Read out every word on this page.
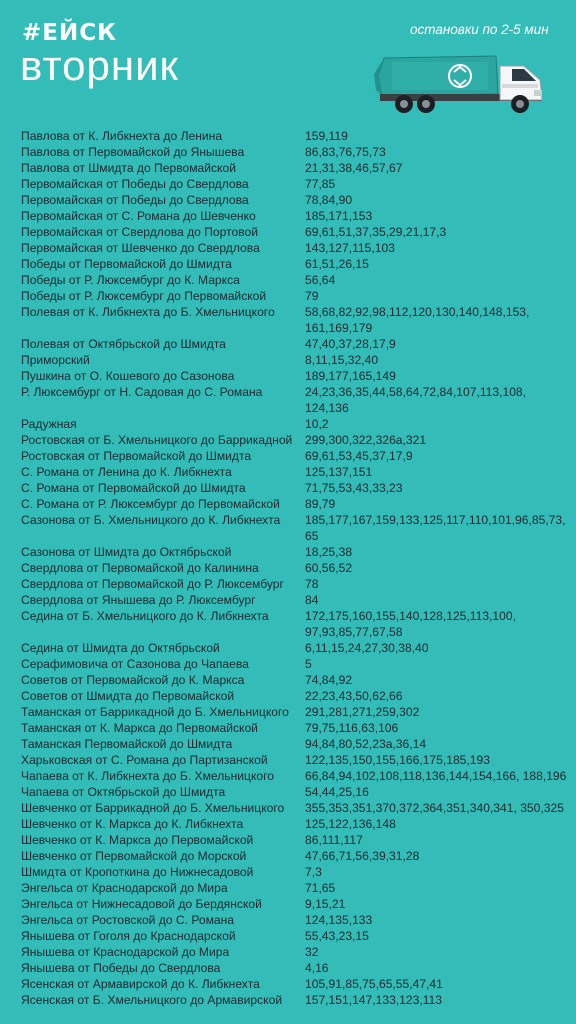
#ЕЙСК
вторник
остановки по 2-5 мин
Павлова от К. Либкнехта до Ленина	159,119
Павлова от Первомайской до Янышева	86,83,76,75,73
Павлова от Шмидта до Первомайской	21,31,38,46,57,67
Первомайская от Победы до Свердлова	77,85
Первомайская от Победы до Свердлова	78,84,90
Первомайская от С. Романа до Шевченко	185,171,153
Первомайская от Свердлова до Портовой	69,61,51,37,35,29,21,17,3
Первомайская от Шевченко до Свердлова	143,127,115,103
Победы от Первомайской до Шмидта	61,51,26,15
Победы от Р. Люксембург до К. Маркса	56,64
Победы от Р. Люксембург до Первомайской	79
Полевая от К. Либкнехта до Б. Хмельницкого	58,68,82,92,98,112,120,130,140,148,153, 161,169,179
Полевая от Октябрьской до Шмидта	47,40,37,28,17,9
Приморский	8,11,15,32,40
Пушкина от О. Кошевого до Сазонова	189,177,165,149
Р. Люксембург от Н. Садовая до С. Романа	24,23,36,35,44,58,64,72,84,107,113,108, 124,136
Радужная	10,2
Ростовская от Б. Хмельницкого до Баррикадной	299,300,322,326а,321
Ростовская от Первомайской до Шмидта	69,61,53,45,37,17,9
С. Романа от Ленина до К. Либкнехта	125,137,151
С. Романа от Первомайской до Шмидта	71,75,53,43,33,23
С. Романа от Р. Люксембург до Первомайской	89,79
Сазонова от Б. Хмельницкого до К. Либкнехта	185,177,167,159,133,125,117,110,101,96,85,73,65
Сазонова от Шмидта до Октябрьской	18,25,38
Свердлова от Первомайской до Калинина	60,56,52
Свердлова от Первомайской до Р. Люксембург	78
Свердлова от Янышева до Р. Люксембург	84
Седина от Б. Хмельницкого до К. Либкнехта	172,175,160,155,140,128,125,113,100, 97,93,85,77,67,58
Седина от Шмидта до Октябрьской	6,11,15,24,27,30,38,40
Серафимовича от Сазонова до Чапаева	5
Советов от Первомайской до К. Маркса	74,84,92
Советов от Шмидта до Первомайской	22,23,43,50,62,66
Таманская от Баррикадной до Б. Хмельницкого	291,281,271,259,302
Таманская от К. Маркса до Первомайской	79,75,116,63,106
Таманская Первомайской до Шмидта	94,84,80,52,23а,36,14
Харьковская от С. Романа до Партизанской	122,135,150,155,166,175,185,193
Чапаева от К. Либкнехта до Б. Хмельницкого	66,84,94,102,108,118,136,144,154,166, 188,196
Чапаева от Октябрьской до Шмидта	54,44,25,16
Шевченко от Баррикадной до Б. Хмельницкого	355,353,351,370,372,364,351,340,341, 350,325
Шевченко от К. Маркса до К. Либкнехта	125,122,136,148
Шевченко от К. Маркса до Первомайской	86,111,117
Шевченко от Первомайской до Морской	47,66,71,56,39,31,28
Шмидта от Кропоткина до Нижнесадовой	7,3
Энгельса от Краснодарской до Мира	71,65
Энгельса от Нижнесадовой до Бердянской	9,15,21
Энгельса от Ростовской до С. Романа	124,135,133
Янышева от Гоголя до Краснодарской	55,43,23,15
Янышева от Краснодарской до Мира	32
Янышева от Победы до Свердлова	4,16
Ясенская от Армавирской до К. Либкнехта	105,91,85,75,65,55,47,41
Ясенская от Б. Хмельницкого до Армавирской	157,151,147,133,123,113
